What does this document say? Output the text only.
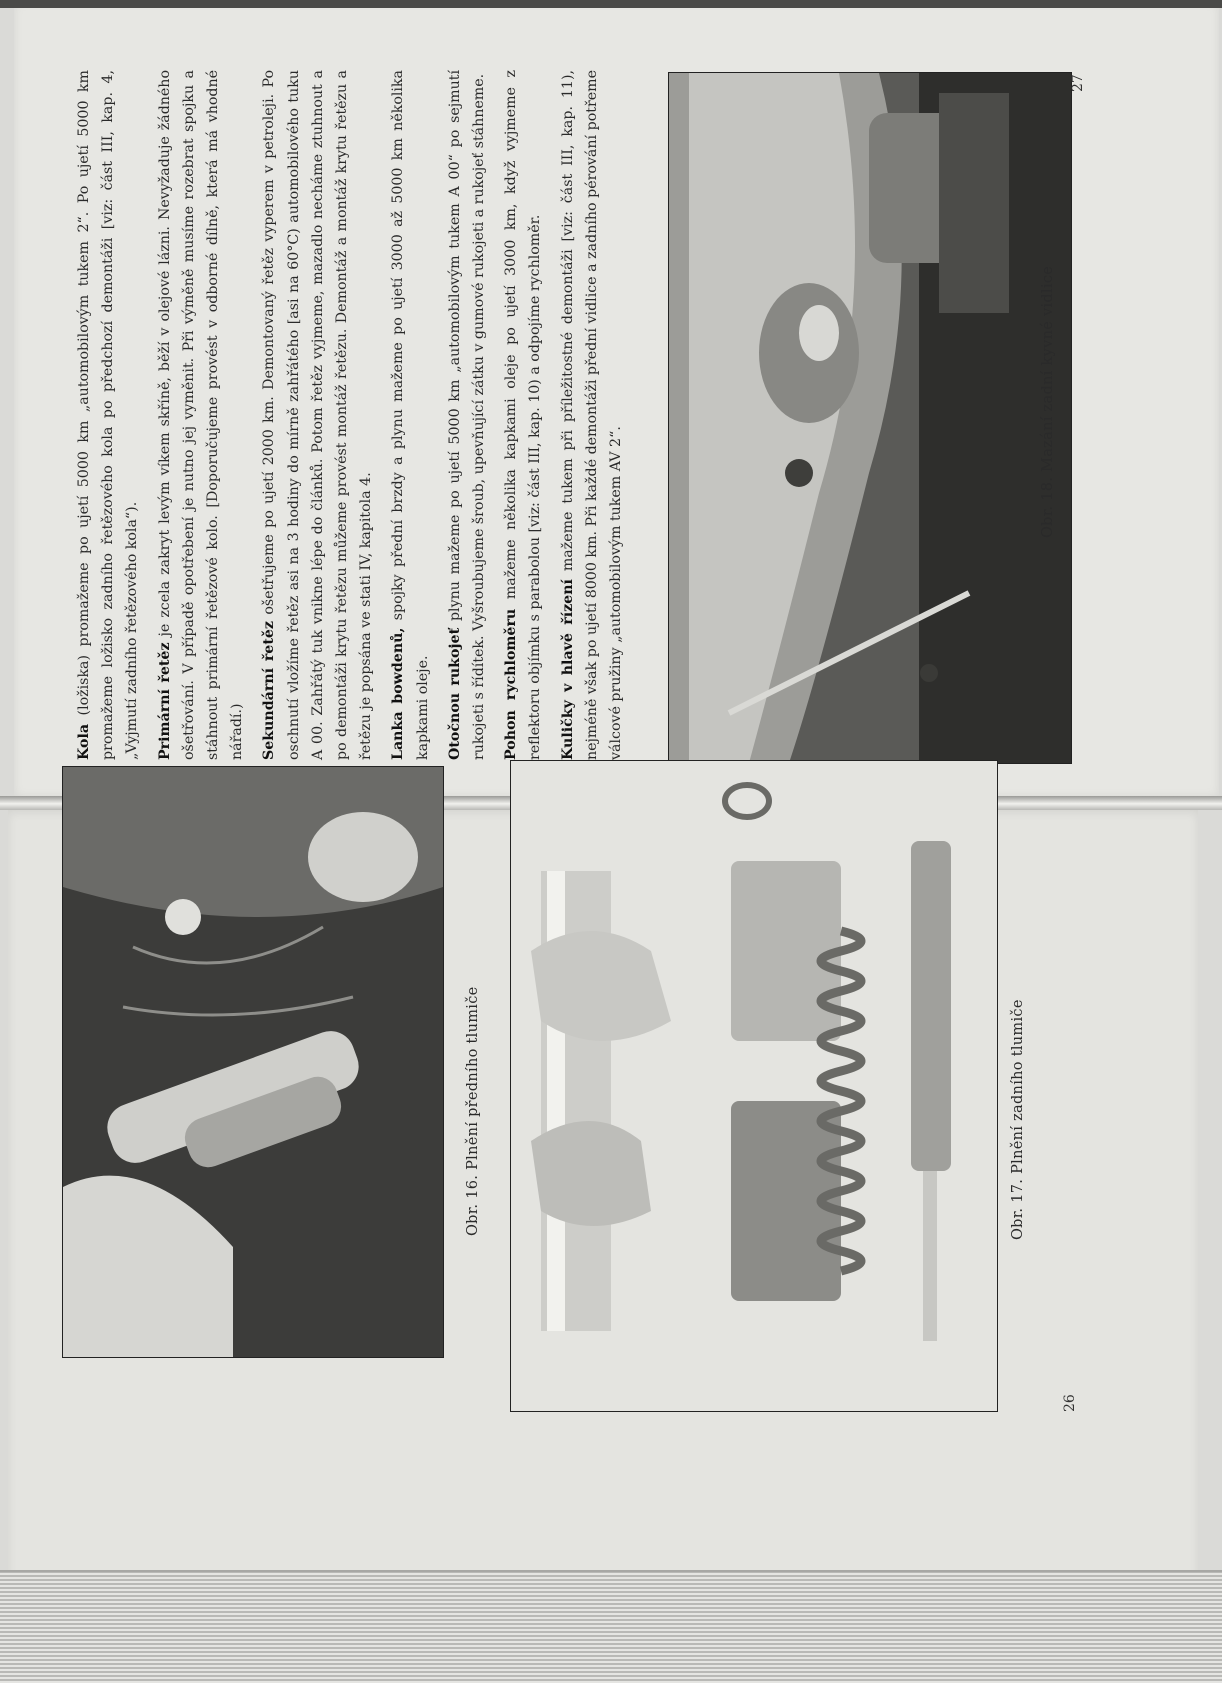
Kola (ložiska) promažeme po ujetí 5000 km „automobilovým tukem 2“. Po ujetí 5000 km promažeme ložisko zadního řetězového kola po předchozí demontáži [viz: část III, kap. 4, „Vyjmutí zadního řetězového kola“). Primární řetěz je zcela zakryt levým víkem skříně, běží v olejové lázni. Nevyžaduje žádného ošetřování. V případě opotřebení je nutno jej vyměnit. Při výměně musíme rozebrat spojku a stáhnout primární řetězové kolo. [Doporučujeme provést v odborné dílně, která má vhodné nářadí.) Sekundární řetěz ošetřujeme po ujetí 2000 km. Demontovaný řetěz vyperem v petroleji. Po oschnutí vložíme řetěz asi na 3 hodiny do mírně zahřátého [asi na 60°C) automobilového tuku A 00. Zahřátý tuk vnikne lépe do článků. Potom řetěz vyjmeme, mazadlo necháme ztuhnout a po demontáži krytu řetězu můžeme provést montáž řetězu. Demontáž a montáž krytu řetězu a řetězu je popsána ve stati IV, kapitola 4. Lanka bowdenů, spojky přední brzdy a plynu mažeme po ujetí 3000 až 5000 km několika kapkami oleje. Otočnou rukojeť plynu mažeme po ujetí 5000 km „automobilovým tukem A 00“ po sejmutí rukojeti s řídítek. Vyšroubujeme šroub, upevňující zátku v gumové rukojeti a rukojeť stáhneme. Pohon rychloměru mažeme několika kapkami oleje po ujetí 3000 km, když vyjmeme z reflektoru objímku s parabolou [viz: část III, kap. 10) a odpojíme rychloměr. Kuličky v hlavě řízení mažeme tukem při příležitostné demontáži [viz: část III, kap. 11), nejméně však po ujetí 8000 km. Při každé demontáži přední vidlice a zadního pérování potřeme válcové pružiny „automobilovým tukem AV 2“.

Obr. 18. Mazání zadní kyvné vidlice
27
Obr. 16. Plnění předního tlumiče	Obr. 17. Plnění zadního tlumiče
26
